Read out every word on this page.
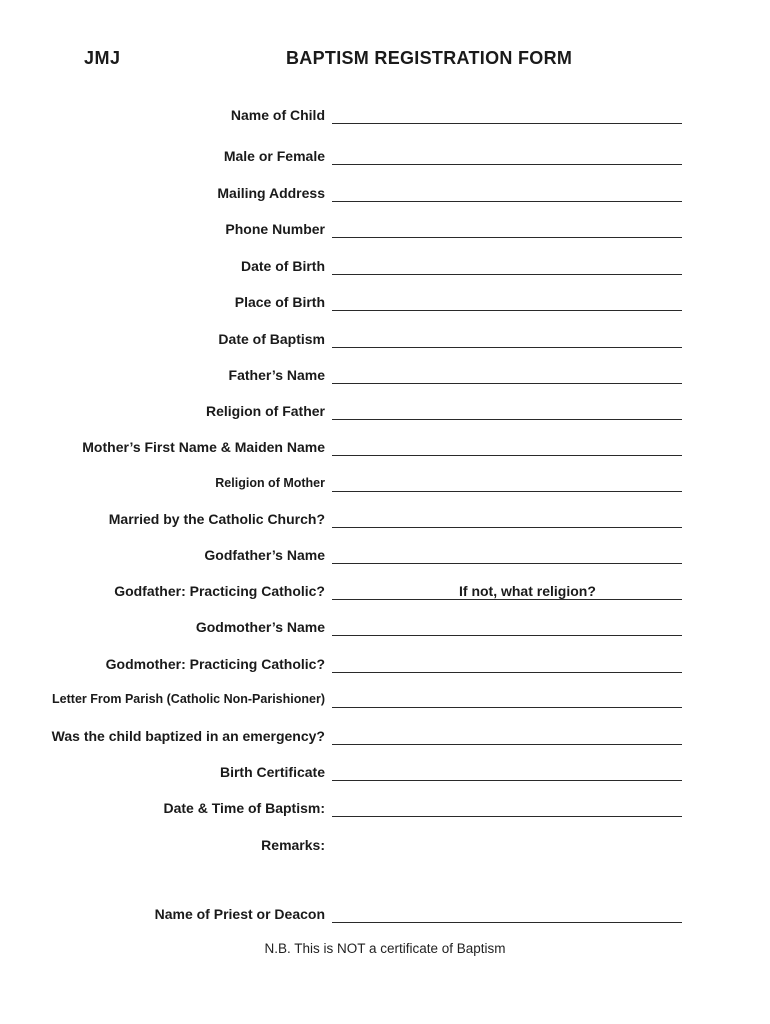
JMJ	BAPTISM REGISTRATION FORM
Name of Child
Male or Female
Mailing Address
Phone Number
Date of Birth
Place of Birth
Date of Baptism
Father’s Name
Religion of Father
Mother’s First Name & Maiden Name
Religion of Mother
Married by the Catholic Church?
Godfather’s Name
Godfather: Practicing Catholic?	If not, what religion?
Godmother’s Name
Godmother: Practicing Catholic?
Letter From Parish (Catholic Non-Parishioner)
Was the child baptized in an emergency?
Birth Certificate
Date & Time of Baptism:
Remarks:
Name of Priest or Deacon
N.B. This is NOT a certificate of Baptism
